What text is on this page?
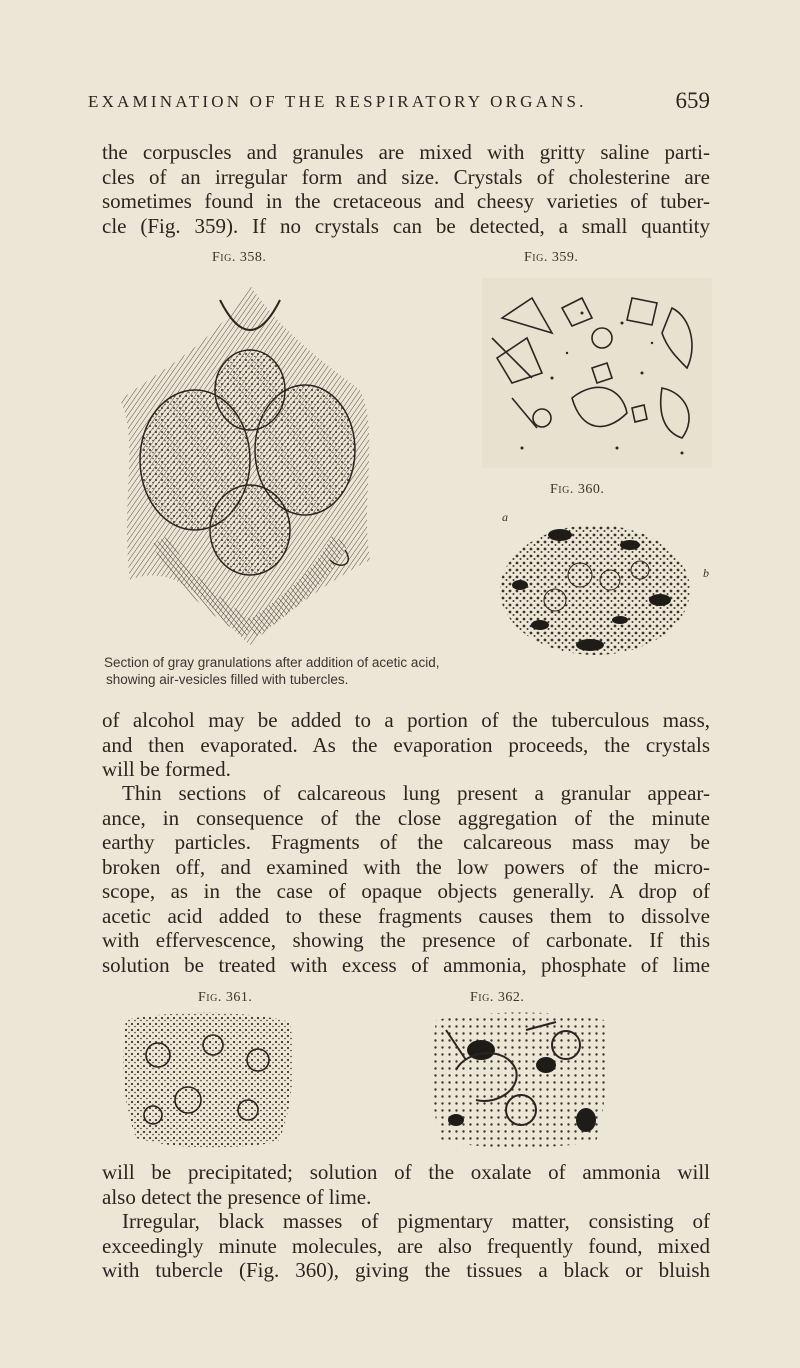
EXAMINATION OF THE RESPIRATORY ORGANS.	659
the corpuscles and granules are mixed with gritty saline parti-
cles of an irregular form and size. Crystals of cholesterine are
sometimes found in the cretaceous and cheesy varieties of tuber-
cle (Fig. 359). If no crystals can be detected, a small quantity
Fig. 358.	Fig. 359.
Fig. 360.
a
b
Section of gray granulations after addition of acetic acid,
showing air-vesicles filled with tubercles.
of alcohol may be added to a portion of the tuberculous mass,
and then evaporated. As the evaporation proceeds, the crystals
will be formed.
Thin sections of calcareous lung present a granular appear-
ance, in consequence of the close aggregation of the minute
earthy particles. Fragments of the calcareous mass may be
broken off, and examined with the low powers of the micro-
scope, as in the case of opaque objects generally. A drop of
acetic acid added to these fragments causes them to dissolve
with effervescence, showing the presence of carbonate. If this
solution be treated with excess of ammonia, phosphate of lime
Fig. 361.	Fig. 362.
will be precipitated; solution of the oxalate of ammonia will
also detect the presence of lime.
Irregular, black masses of pigmentary matter, consisting of
exceedingly minute molecules, are also frequently found, mixed
with tubercle (Fig. 360), giving the tissues a black or bluish
